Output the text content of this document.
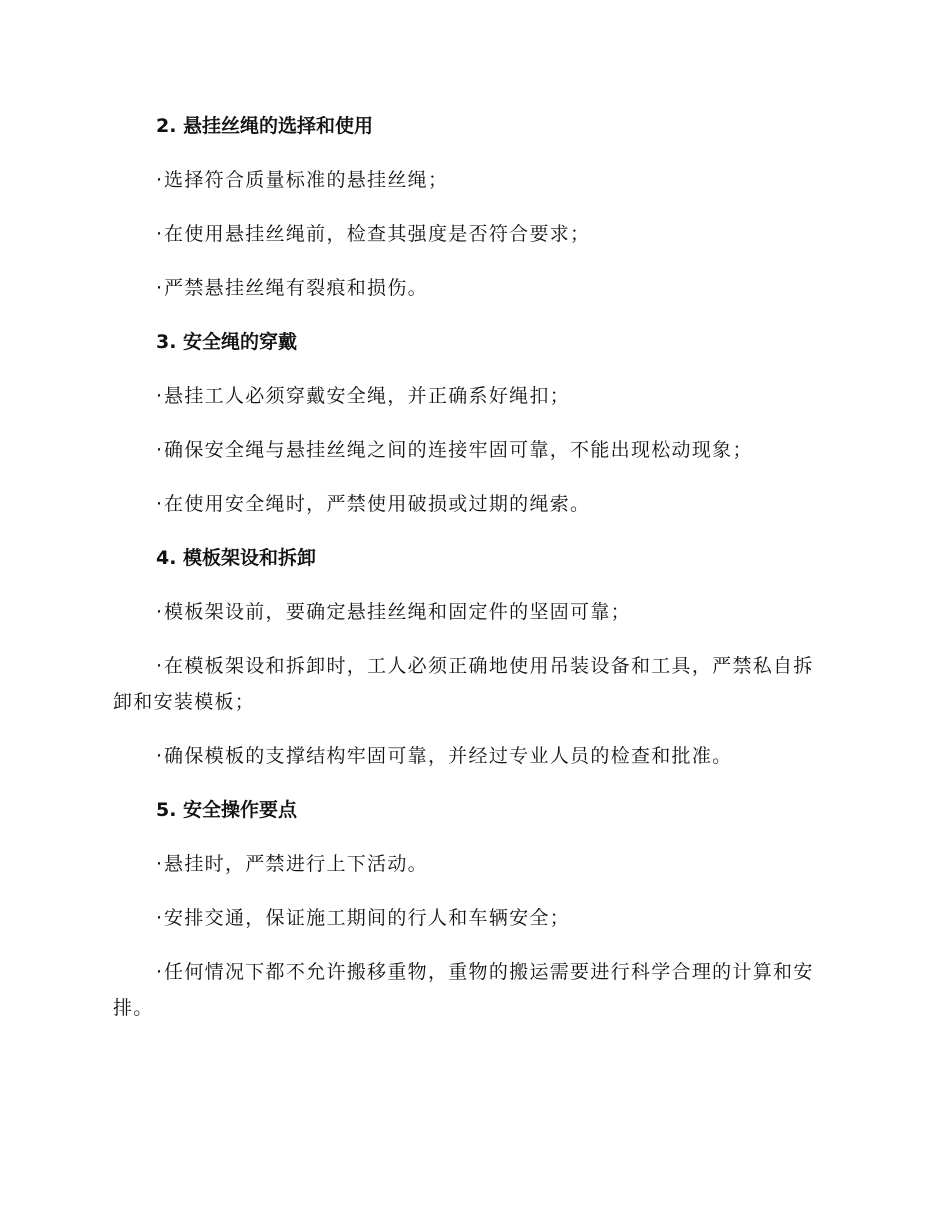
2. 悬挂丝绳的选择和使用

· 选择符合质量标准的悬挂丝绳；

· 在使用悬挂丝绳前，检查其强度是否符合要求；

· 严禁悬挂丝绳有裂痕和损伤。

3. 安全绳的穿戴

· 悬挂工人必须穿戴安全绳，并正确系好绳扣；

· 确保安全绳与悬挂丝绳之间的连接牢固可靠，不能出现松动现象；

· 在使用安全绳时，严禁使用破损或过期的绳索。

4. 模板架设和拆卸

· 模板架设前，要确定悬挂丝绳和固定件的坚固可靠；

· 在模板架设和拆卸时，工人必须正确地使用吊装设备和工具，严禁私自拆卸和安装模板；

· 确保模板的支撑结构牢固可靠，并经过专业人员的检查和批准。

5. 安全操作要点

· 悬挂时，严禁进行上下活动。

· 安排交通，保证施工期间的行人和车辆安全；

· 任何情况下都不允许搬移重物，重物的搬运需要进行科学合理的计算和安排。
